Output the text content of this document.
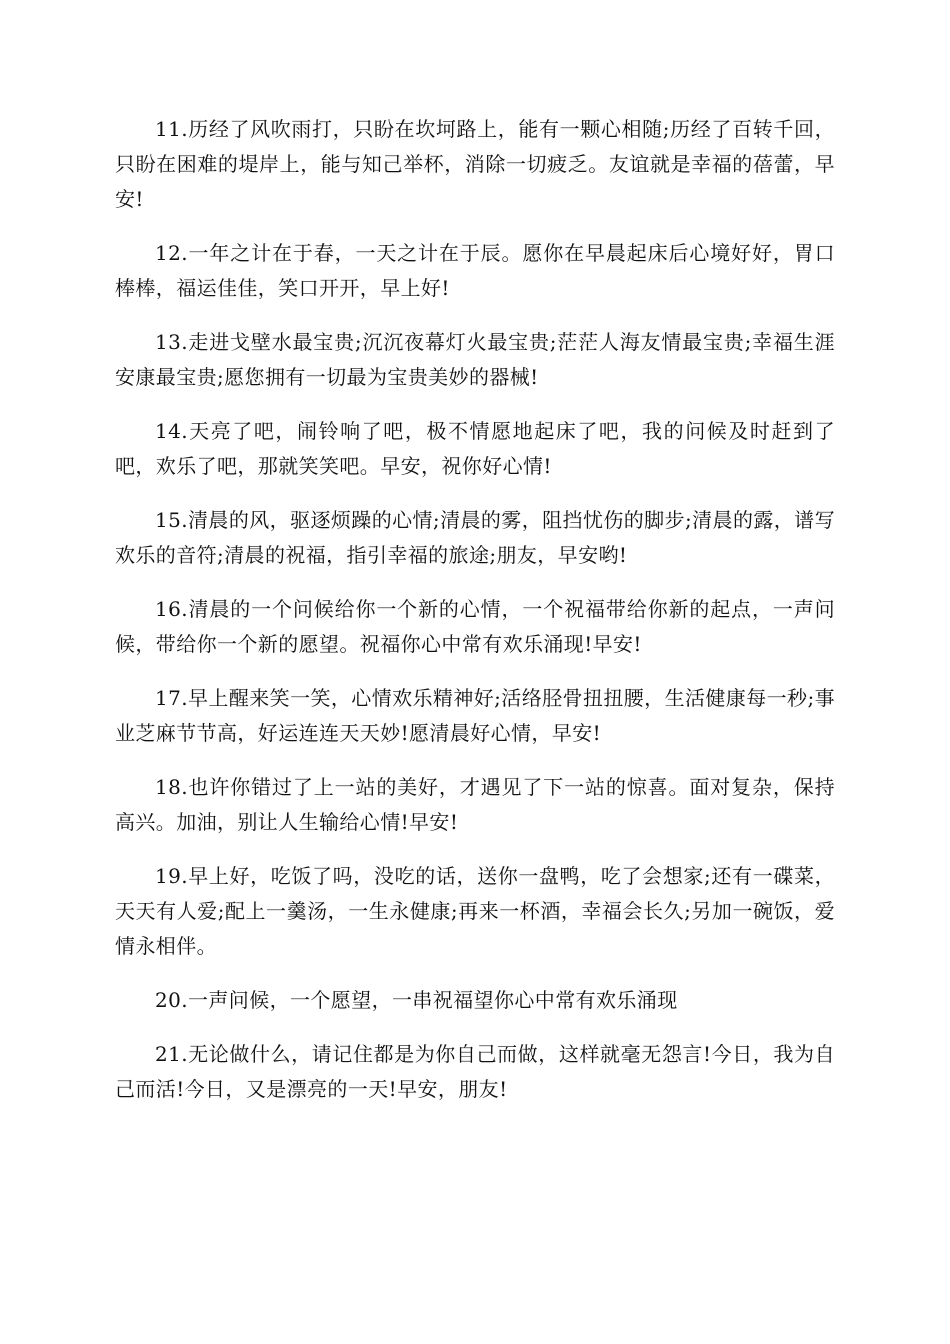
11.历经了风吹雨打，只盼在坎坷路上，能有一颗心相随;历经了百转千回，只盼在困难的堤岸上，能与知己举杯，消除一切疲乏。友谊就是幸福的蓓蕾，早安!

12.一年之计在于春，一天之计在于辰。愿你在早晨起床后心境好好，胃口棒棒，福运佳佳，笑口开开，早上好!

13.走进戈壁水最宝贵;沉沉夜幕灯火最宝贵;茫茫人海友情最宝贵;幸福生涯安康最宝贵;愿您拥有一切最为宝贵美妙的器械!

14.天亮了吧，闹铃响了吧，极不情愿地起床了吧，我的问候及时赶到了吧，欢乐了吧，那就笑笑吧。早安，祝你好心情!

15.清晨的风，驱逐烦躁的心情;清晨的雾，阻挡忧伤的脚步;清晨的露，谱写欢乐的音符;清晨的祝福，指引幸福的旅途;朋友，早安哟!

16.清晨的一个问候给你一个新的心情，一个祝福带给你新的起点，一声问候，带给你一个新的愿望。祝福你心中常有欢乐涌现!早安!

17.早上醒来笑一笑，心情欢乐精神好;活络胫骨扭扭腰，生活健康每一秒;事业芝麻节节高，好运连连天天妙!愿清晨好心情，早安!

18.也许你错过了上一站的美好，才遇见了下一站的惊喜。面对复杂，保持高兴。加油，别让人生输给心情!早安!

19.早上好，吃饭了吗，没吃的话，送你一盘鸭，吃了会想家;还有一碟菜，天天有人爱;配上一羹汤，一生永健康;再来一杯酒，幸福会长久;另加一碗饭，爱情永相伴。

20.一声问候，一个愿望，一串祝福望你心中常有欢乐涌现

21.无论做什么，请记住都是为你自己而做，这样就毫无怨言!今日，我为自己而活!今日，又是漂亮的一天!早安，朋友!
